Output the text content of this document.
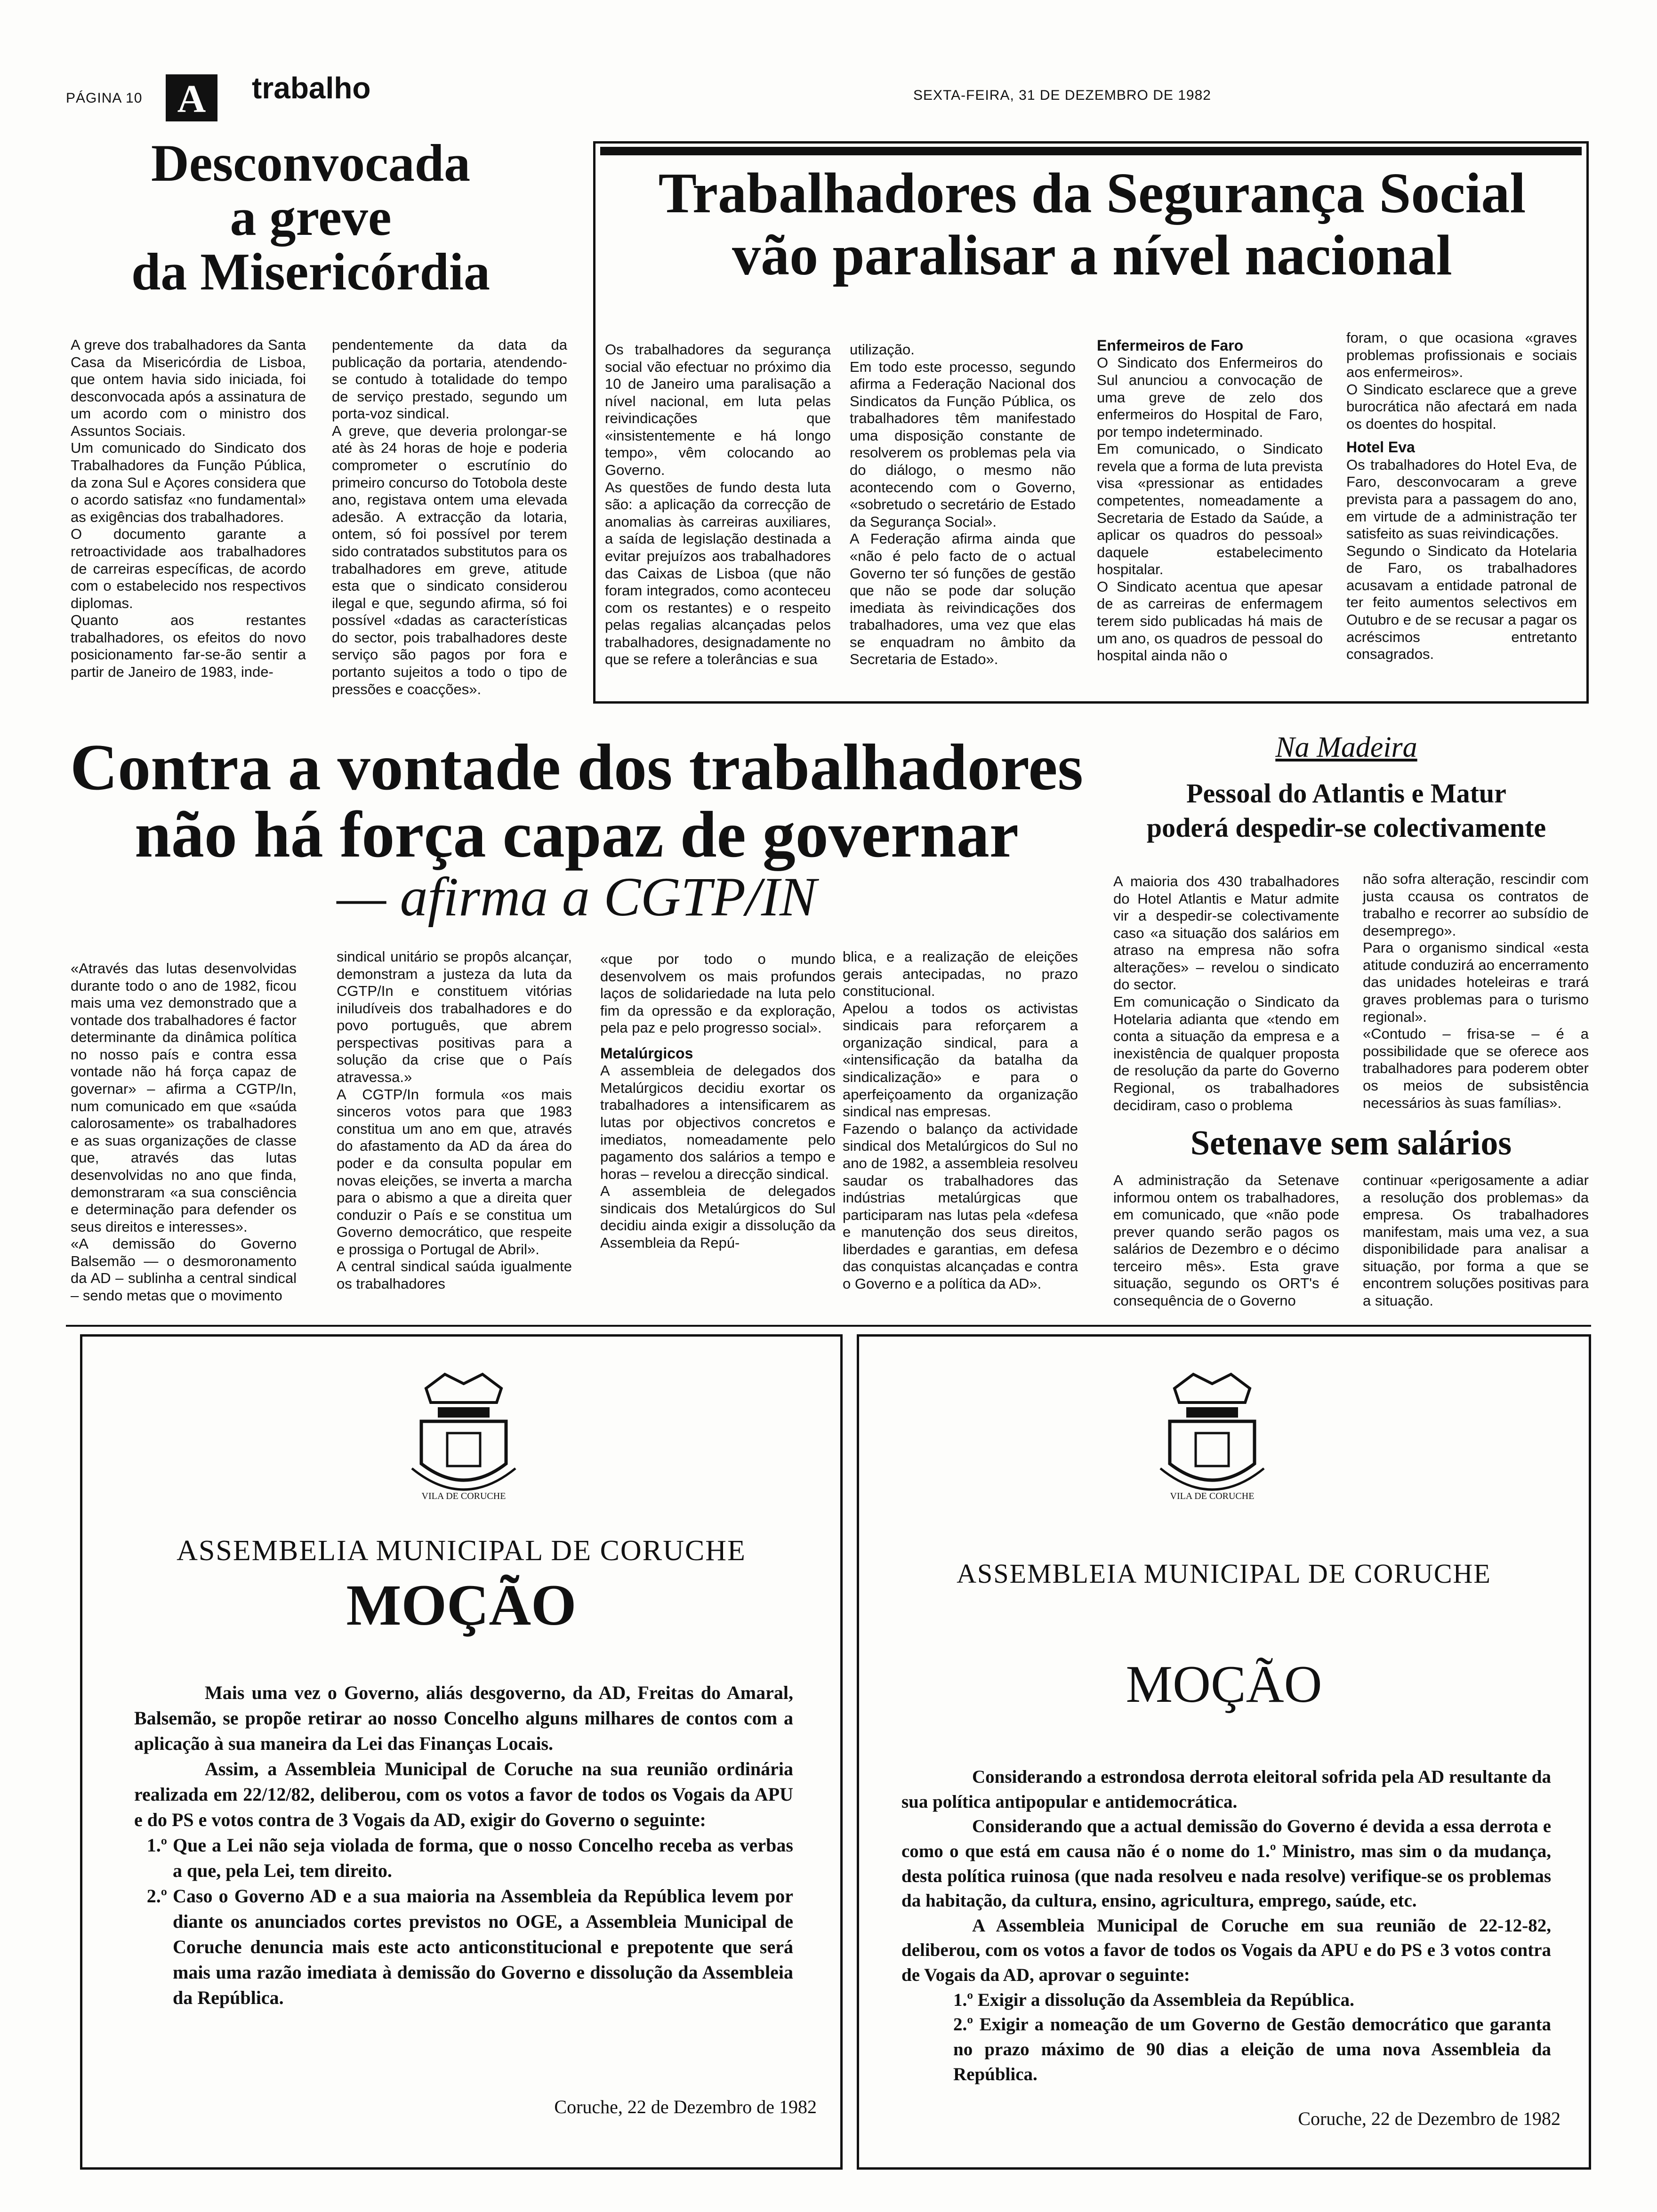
PÁGINA 10 A trabalho	SEXTA-FEIRA, 31 DE DEZEMBRO DE 1982
Desconvocada
a greve
da Misericórdia
A greve dos trabalhadores da Santa Casa da Misericórdia de Lisboa, que ontem havia sido iniciada, foi desconvocada após a assinatura de um acordo com o ministro dos Assuntos Sociais.
Um comunicado do Sindicato dos Trabalhadores da Função Pública, da zona Sul e Açores considera que o acordo satisfaz «no fundamental» as exigências dos trabalhadores.
O documento garante a retroactividade aos trabalhadores de carreiras específicas, de acordo com o estabelecido nos respectivos diplomas.
Quanto aos restantes trabalhadores, os efeitos do novo posicionamento far-se-ão sentir a partir de Janeiro de 1983, inde-
pendentemente da data da publicação da portaria, atendendo-se contudo à totalidade do tempo de serviço prestado, segundo um porta-voz sindical.
A greve, que deveria prolongar-se até às 24 horas de hoje e poderia comprometer o escrutínio do primeiro concurso do Totobola deste ano, registava ontem uma elevada adesão. A extracção da lotaria, ontem, só foi possível por terem sido contratados substitutos para os trabalhadores em greve, atitude esta que o sindicato considerou ilegal e que, segundo afirma, só foi possível «dadas as características do sector, pois trabalhadores deste serviço são pagos por fora e portanto sujeitos a todo o tipo de pressões e coacções».
Trabalhadores da Segurança Social
vão paralisar a nível nacional
Os trabalhadores da segurança social vão efectuar no próximo dia 10 de Janeiro uma paralisação a nível nacional, em luta pelas reivindicações que «insistentemente e há longo tempo», vêm colocando ao Governo.
As questões de fundo desta luta são: a aplicação da correcção de anomalias às carreiras auxiliares, a saída de legislação destinada a evitar prejuízos aos trabalhadores das Caixas de Lisboa (que não foram integrados, como aconteceu com os restantes) e o respeito pelas regalias alcançadas pelos trabalhadores, designadamente no que se refere a tolerâncias e sua
utilização.
Em todo este processo, segundo afirma a Federação Nacional dos Sindicatos da Função Pública, os trabalhadores têm manifestado uma disposição constante de resolverem os problemas pela via do diálogo, o mesmo não acontecendo com o Governo, «sobretudo o secretário de Estado da Segurança Social».
A Federação afirma ainda que «não é pelo facto de o actual Governo ter só funções de gestão que não se pode dar solução imediata às reivindicações dos trabalhadores, uma vez que elas se enquadram no âmbito da Secretaria de Estado».
Enfermeiros de Faro
O Sindicato dos Enfermeiros do Sul anunciou a convocação de uma greve de zelo dos enfermeiros do Hospital de Faro, por tempo indeterminado.
Em comunicado, o Sindicato revela que a forma de luta prevista visa «pressionar as entidades competentes, nomeadamente a Secretaria de Estado da Saúde, a aplicar os quadros do pessoal» daquele estabelecimento hospitalar.
O Sindicato acentua que apesar de as carreiras de enfermagem terem sido publicadas há mais de um ano, os quadros de pessoal do hospital ainda não o
foram, o que ocasiona «graves problemas profissionais e sociais aos enfermeiros».
O Sindicato esclarece que a greve burocrática não afectará em nada os doentes do hospital.
Hotel Eva
Os trabalhadores do Hotel Eva, de Faro, desconvocaram a greve prevista para a passagem do ano, em virtude de a administração ter satisfeito as suas reivindicações.
Segundo o Sindicato da Hotelaria de Faro, os trabalhadores acusavam a entidade patronal de ter feito aumentos selectivos em Outubro e de se recusar a pagar os acréscimos entretanto consagrados.
Contra a vontade dos trabalhadores
não há força capaz de governar
— afirma a CGTP/IN
«Através das lutas desenvolvidas durante todo o ano de 1982, ficou mais uma vez demonstrado que a vontade dos trabalhadores é factor determinante da dinâmica política no nosso país e contra essa vontade não há força capaz de governar» – afirma a CGTP/In, num comunicado em que «saúda calorosamente» os trabalhadores e as suas organizações de classe que, através das lutas desenvolvidas no ano que finda, demonstraram «a sua consciência e determinação para defender os seus direitos e interesses».
«A demissão do Governo Balsemão — o desmoronamento da AD – sublinha a central sindical – sendo metas que o movimento
sindical unitário se propôs alcançar, demonstram a justeza da luta da CGTP/In e constituem vitórias iniludíveis dos trabalhadores e do povo português, que abrem perspectivas positivas para a solução da crise que o País atravessa.»
A CGTP/In formula «os mais sinceros votos para que 1983 constitua um ano em que, através do afastamento da AD da área do poder e da consulta popular em novas eleições, se inverta a marcha para o abismo a que a direita quer conduzir o País e se constitua um Governo democrático, que respeite e prossiga o Portugal de Abril».
A central sindical saúda igualmente os trabalhadores
«que por todo o mundo desenvolvem os mais profundos laços de solidariedade na luta pelo fim da opressão e da exploração, pela paz e pelo progresso social».
Metalúrgicos
A assembleia de delegados dos Metalúrgicos decidiu exortar os trabalhadores a intensificarem as lutas por objectivos concretos e imediatos, nomeadamente pelo pagamento dos salários a tempo e horas – revelou a direcção sindical.
A assembleia de delegados sindicais dos Metalúrgicos do Sul decidiu ainda exigir a dissolução da Assembleia da Repú-
blica, e a realização de eleições gerais antecipadas, no prazo constitucional.
Apelou a todos os activistas sindicais para reforçarem a organização sindical, para a «intensificação da batalha da sindicalização» e para o aperfeiçoamento da organização sindical nas empresas.
Fazendo o balanço da actividade sindical dos Metalúrgicos do Sul no ano de 1982, a assembleia resolveu saudar os trabalhadores das indústrias metalúrgicas que participaram nas lutas pela «defesa e manutenção dos seus direitos, liberdades e garantias, em defesa das conquistas alcançadas e contra o Governo e a política da AD».
Na Madeira
Pessoal do Atlantis e Matur
poderá despedir-se colectivamente
A maioria dos 430 trabalhadores do Hotel Atlantis e Matur admite vir a despedir-se colectivamente caso «a situação dos salários em atraso na empresa não sofra alterações» – revelou o sindicato do sector.
Em comunicação o Sindicato da Hotelaria adianta que «tendo em conta a situação da empresa e a inexistência de qualquer proposta de resolução da parte do Governo Regional, os trabalhadores decidiram, caso o problema
não sofra alteração, rescindir com justa ccausa os contratos de trabalho e recorrer ao subsídio de desemprego».
Para o organismo sindical «esta atitude conduzirá ao encerramento das unidades hoteleiras e trará graves problemas para o turismo regional».
«Contudo – frisa-se – é a possibilidade que se oferece aos trabalhadores para poderem obter os meios de subsistência necessários às suas famílias».
Setenave sem salários
A administração da Setenave informou ontem os trabalhadores, em comunicado, que «não pode prever quando serão pagos os salários de Dezembro e o décimo terceiro mês». Esta grave situação, segundo os ORT's é consequência de o Governo
continuar «perigosamente a adiar a resolução dos problemas» da empresa. Os trabalhadores manifestam, mais uma vez, a sua disponibilidade para analisar a situação, por forma a que se encontrem soluções positivas para a situação.
VILA DE CORUCHE
ASSEMBELIA MUNICIPAL DE CORUCHE
MOÇÃO
Mais uma vez o Governo, aliás desgoverno, da AD, Freitas do Amaral, Balsemão, se propõe retirar ao nosso Concelho alguns milhares de contos com a aplicação à sua maneira da Lei das Finanças Locais.
Assim, a Assembleia Municipal de Coruche na sua reunião ordinária realizada em 22/12/82, deliberou, com os votos a favor de todos os Vogais da APU e do PS e votos contra de 3 Vogais da AD, exigir do Governo o seguinte:
1.º Que a Lei não seja violada de forma, que o nosso Concelho receba as verbas a que, pela Lei, tem direito.
2.º Caso o Governo AD e a sua maioria na Assembleia da República levem por diante os anunciados cortes previstos no OGE, a Assembleia Municipal de Coruche denuncia mais este acto anticonstitucional e prepotente que será mais uma razão imediata à demissão do Governo e dissolução da Assembleia da República.
Coruche, 22 de Dezembro de 1982
VILA DE CORUCHE
ASSEMBLEIA MUNICIPAL DE CORUCHE
MOÇÃO
Considerando a estrondosa derrota eleitoral sofrida pela AD resultante da sua política antipopular e antidemocrática.
Considerando que a actual demissão do Governo é devida a essa derrota e como o que está em causa não é o nome do 1.º Ministro, mas sim o da mudança, desta política ruinosa (que nada resolveu e nada resolve) verifique-se os problemas da habitação, da cultura, ensino, agricultura, emprego, saúde, etc.
A Assembleia Municipal de Coruche em sua reunião de 22-12-82, deliberou, com os votos a favor de todos os Vogais da APU e do PS e 3 votos contra de Vogais da AD, aprovar o seguinte:
1.º Exigir a dissolução da Assembleia da República.
2.º Exigir a nomeação de um Governo de Gestão democrático que garanta no prazo máximo de 90 dias a eleição de uma nova Assembleia da República.
Coruche, 22 de Dezembro de 1982
